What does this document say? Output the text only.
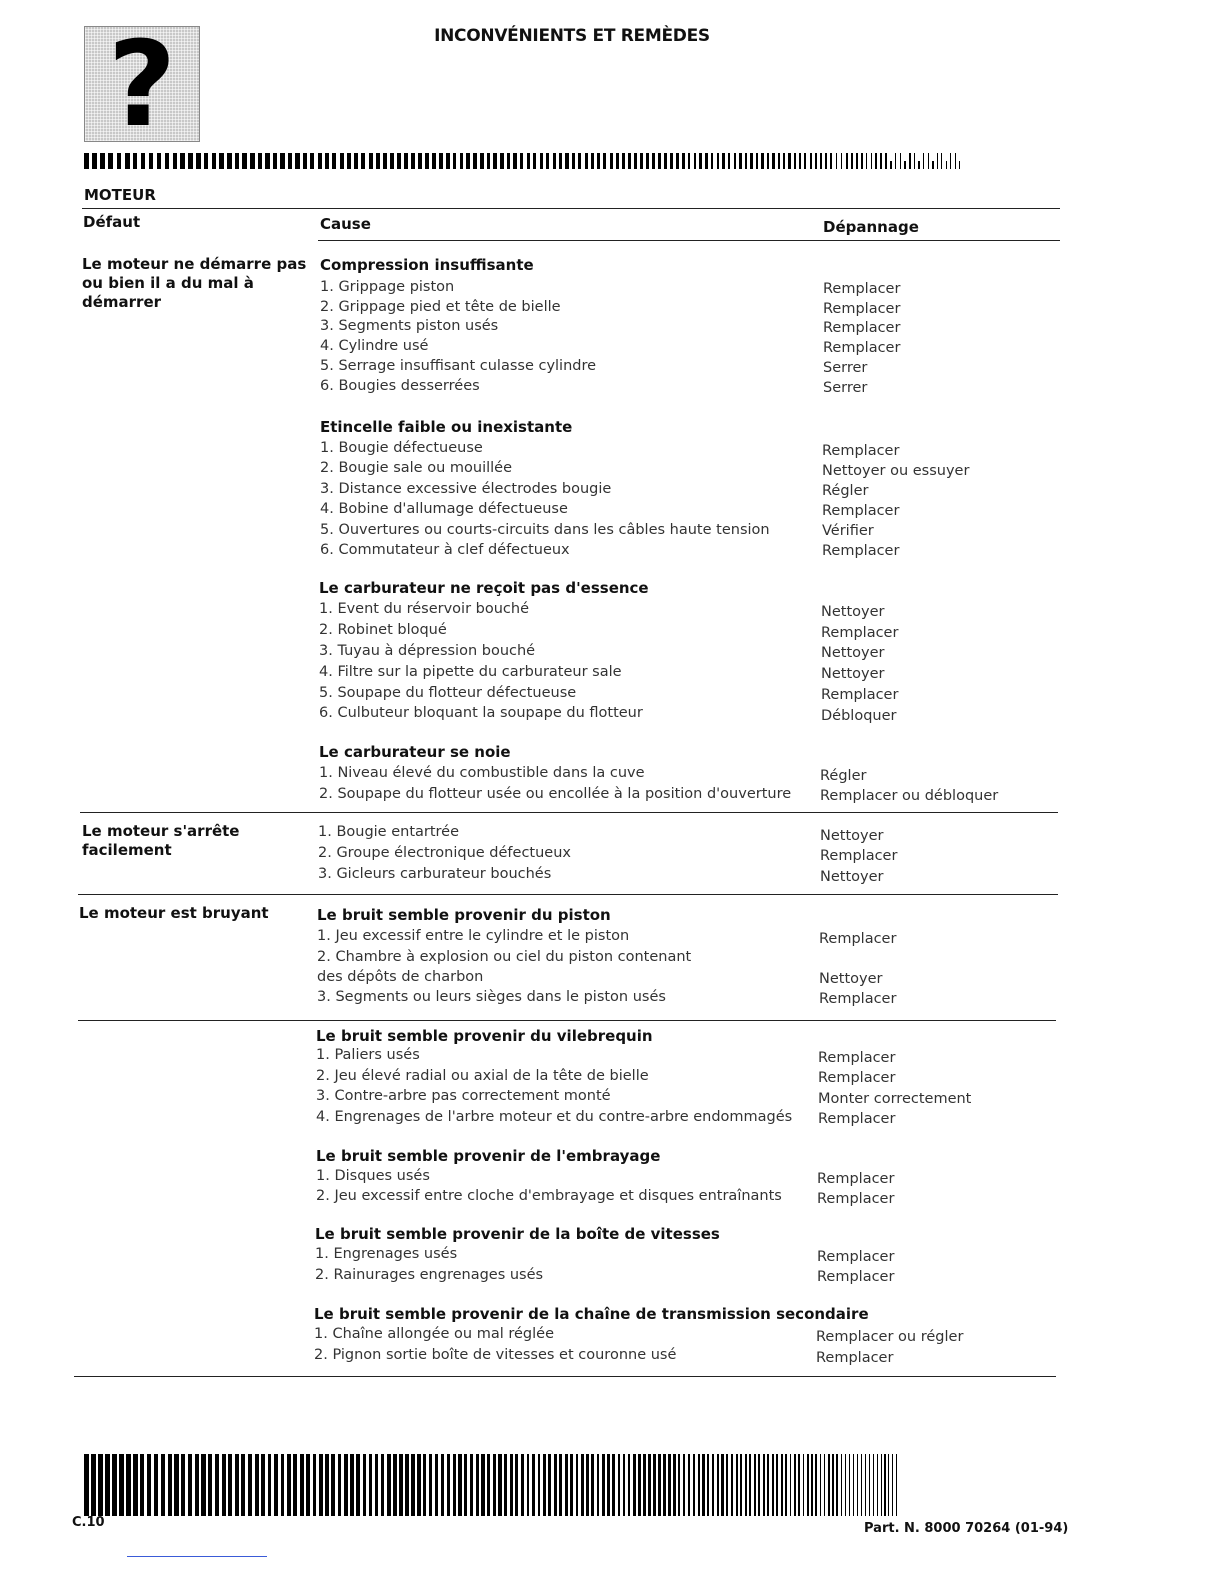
?	INCONVÉNIENTS ET REMÈDES
MOTEUR
Défaut	Cause	Dépannage
Le moteur ne démarre pas ou bien il a du mal à démarrer
Compression insuffisante
1. Grippage piston	Remplacer
2. Grippage pied et tête de bielle	Remplacer
3. Segments piston usés	Remplacer
4. Cylindre usé	Remplacer
5. Serrage insuffisant culasse cylindre	Serrer
6. Bougies desserrées	Serrer
Etincelle faible ou inexistante
1. Bougie défectueuse	Remplacer
2. Bougie sale ou mouillée	Nettoyer ou essuyer
3. Distance excessive électrodes bougie	Régler
4. Bobine d'allumage défectueuse	Remplacer
5. Ouvertures ou courts-circuits dans les câbles haute tension	Vérifier
6. Commutateur à clef défectueux	Remplacer
Le carburateur ne reçoit pas d'essence
1. Event du réservoir bouché	Nettoyer
2. Robinet bloqué	Remplacer
3. Tuyau à dépression bouché	Nettoyer
4. Filtre sur la pipette du carburateur sale	Nettoyer
5. Soupape du flotteur défectueuse	Remplacer
6. Culbuteur bloquant la soupape du flotteur	Débloquer
Le carburateur se noie
1. Niveau élevé du combustible dans la cuve	Régler
2. Soupape du flotteur usée ou encollée à la position d'ouverture Remplacer ou débloquer
Le moteur s'arrête facilement
1. Bougie entartrée	Nettoyer
2. Groupe électronique défectueux	Remplacer
3. Gicleurs carburateur bouchés	Nettoyer
Le moteur est bruyant	Le bruit semble provenir du piston
1. Jeu excessif entre le cylindre et le piston	Remplacer
2. Chambre à explosion ou ciel du piston contenant des dépôts de charbon	Nettoyer
3. Segments ou leurs sièges dans le piston usés	Remplacer
Le bruit semble provenir du vilebrequin
1. Paliers usés	Remplacer
2. Jeu élevé radial ou axial de la tête de bielle	Remplacer
3. Contre-arbre pas correctement monté	Monter correctement
4. Engrenages de l'arbre moteur et du contre-arbre endommagés Remplacer
Le bruit semble provenir de l'embrayage
1. Disques usés	Remplacer
2. Jeu excessif entre cloche d'embrayage et disques entraînants Remplacer
Le bruit semble provenir de la boîte de vitesses
1. Engrenages usés	Remplacer
2. Rainurages engrenages usés	Remplacer
Le bruit semble provenir de la chaîne de transmission secondaire
1. Chaîne allongée ou mal réglée	Remplacer ou régler
2. Pignon sortie boîte de vitesses et couronne usé	Remplacer
C.10	Part. N. 8000 70264 (01-94)
